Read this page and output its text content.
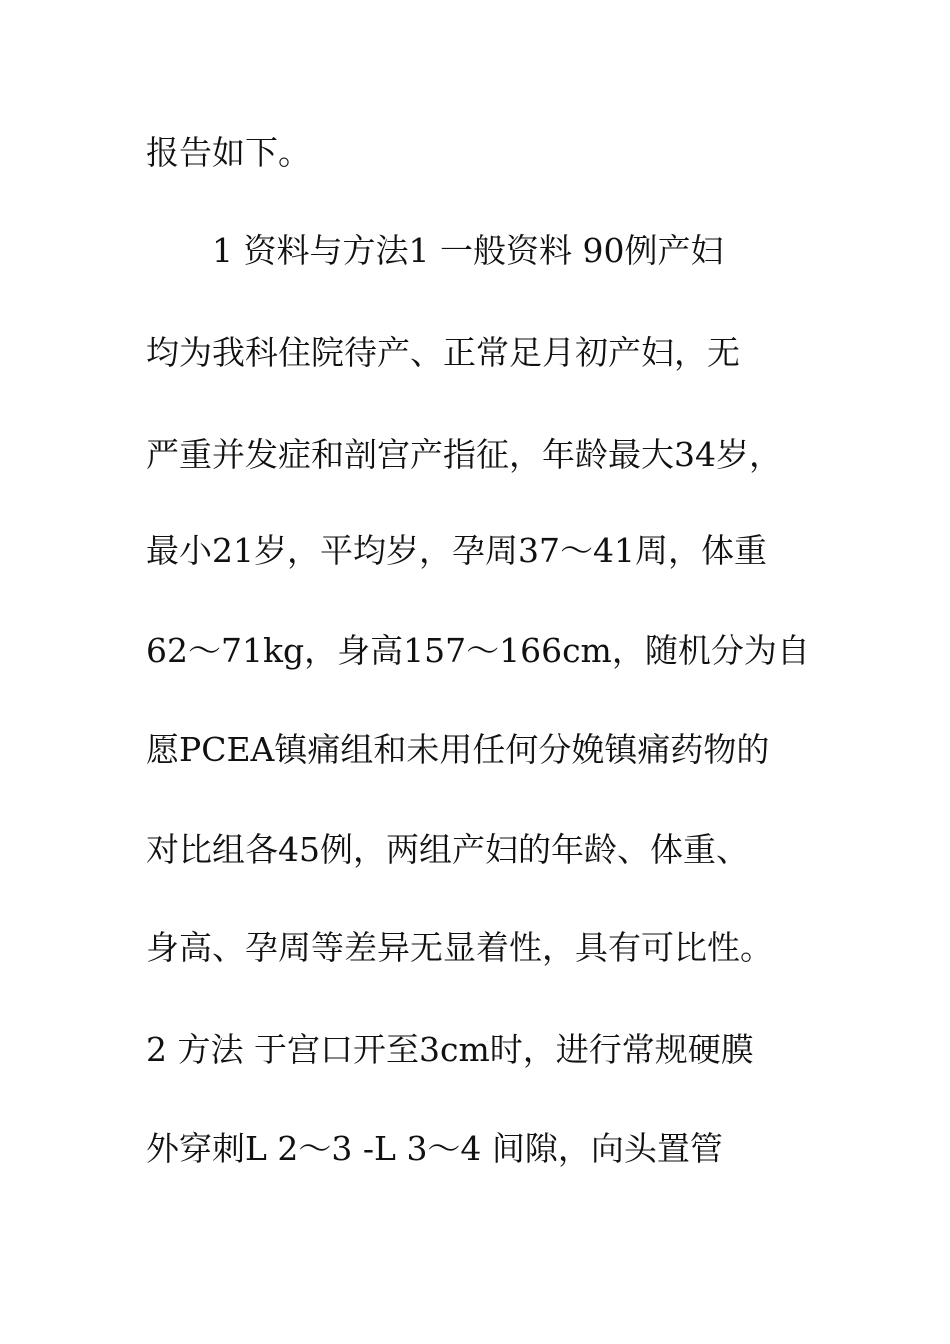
报告如下。
1 资料与方法1 一般资料 90例产妇
均为我科住院待产、正常足月初产妇，无
严重并发症和剖宫产指征，年龄最大34岁，
最小21岁，平均岁，孕周37～41周，体重
62～71kg，身高157～166cm，随机分为自
愿PCEA镇痛组和未用任何分娩镇痛药物的
对比组各45例，两组产妇的年龄、体重、
身高、孕周等差异无显着性，具有可比性。
2 方法 于宫口开至3cm时，进行常规硬膜
外穿刺L 2～3 -L 3～4 间隙，向头置管
